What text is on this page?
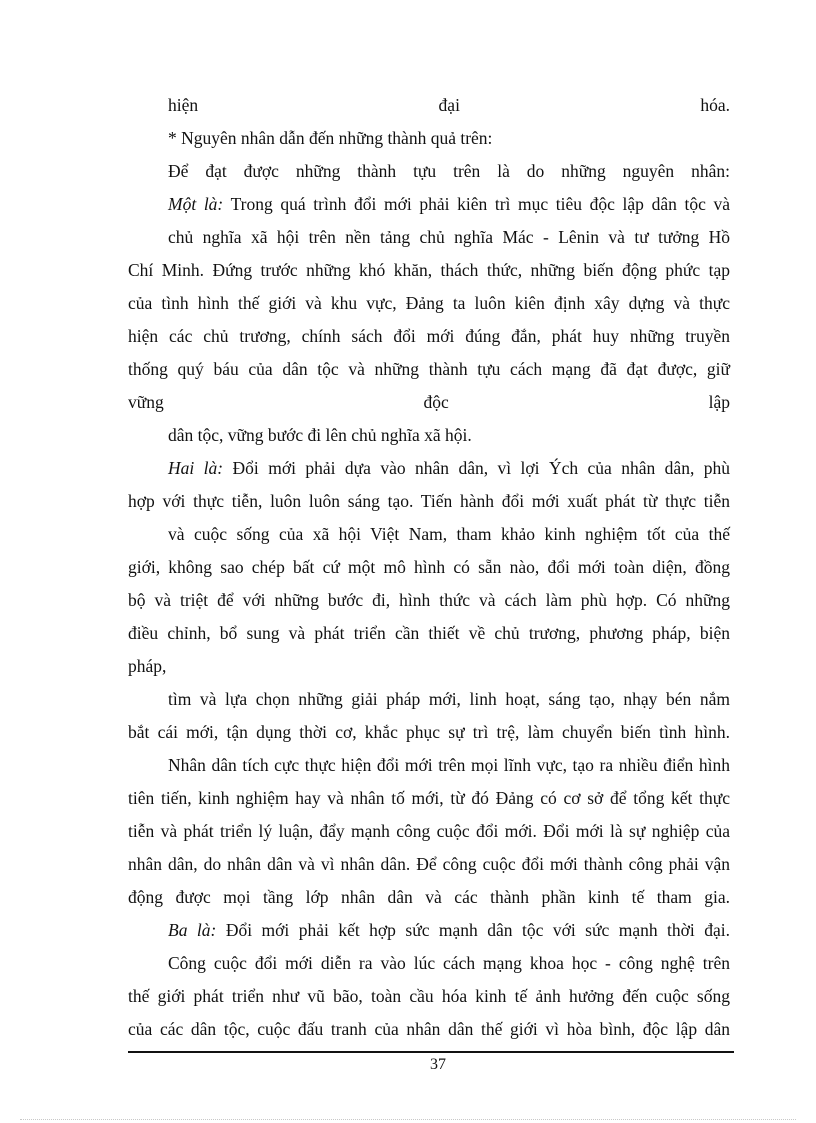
hiện	đại	hóa.
* Nguyên nhân dẫn đến những thành quả trên:
Để đạt được những thành tựu trên là do những nguyên nhân:
Một là: Trong quá trình đổi mới phải kiên trì mục tiêu độc lập dân tộc và
chủ nghĩa xã hội trên nền tảng chủ nghĩa Mác - Lênin và tư tưởng Hồ
Chí Minh. Đứng trước những khó khăn, thách thức, những biến động phức tạp
của tình hình thế giới và khu vực, Đảng ta luôn kiên định xây dựng và thực
hiện các chủ trương, chính sách đổi mới đúng đắn, phát huy những truyền
thống quý báu của dân tộc và những thành tựu cách mạng đã đạt được, giữ
vững	độc	lập
dân tộc, vững bước đi lên chủ nghĩa xã hội.
Hai là: Đổi mới phải dựa vào nhân dân, vì lợi Ých của nhân dân, phù
hợp với thực tiễn, luôn luôn sáng tạo. Tiến hành đổi mới xuất phát từ thực tiễn
và cuộc sống của xã hội Việt Nam, tham khảo kinh nghiệm tốt của thế
giới, không sao chép bất cứ một mô hình có sẵn nào, đổi mới toàn diện, đồng
bộ và triệt để với những bước đi, hình thức và cách làm phù hợp. Có những
điều chỉnh, bổ sung và phát triển cần thiết về chủ trương, phương pháp, biện
pháp,
tìm và lựa chọn những giải pháp mới, linh hoạt, sáng tạo, nhạy bén nắm
bắt cái mới, tận dụng thời cơ, khắc phục sự trì trệ, làm chuyển biến tình hình.
Nhân dân tích cực thực hiện đổi mới trên mọi lĩnh vực, tạo ra nhiều điển hình
tiên tiến, kinh nghiệm hay và nhân tố mới, từ đó Đảng có cơ sở để tổng kết thực
tiễn và phát triển lý luận, đẩy mạnh công cuộc đổi mới. Đổi mới là sự nghiệp của
nhân dân, do nhân dân và vì nhân dân. Để công cuộc đổi mới thành công phải vận
động được mọi tầng lớp nhân dân và các thành phần kinh tế tham gia.
Ba là: Đổi mới phải kết hợp sức mạnh dân tộc với sức mạnh thời đại.
Công cuộc đổi mới diễn ra vào lúc cách mạng khoa học - công nghệ trên
thế giới phát triển như vũ bão, toàn cầu hóa kinh tế ảnh hưởng đến cuộc sống
của các dân tộc, cuộc đấu tranh của nhân dân thế giới vì hòa bình, độc lập dân
37
